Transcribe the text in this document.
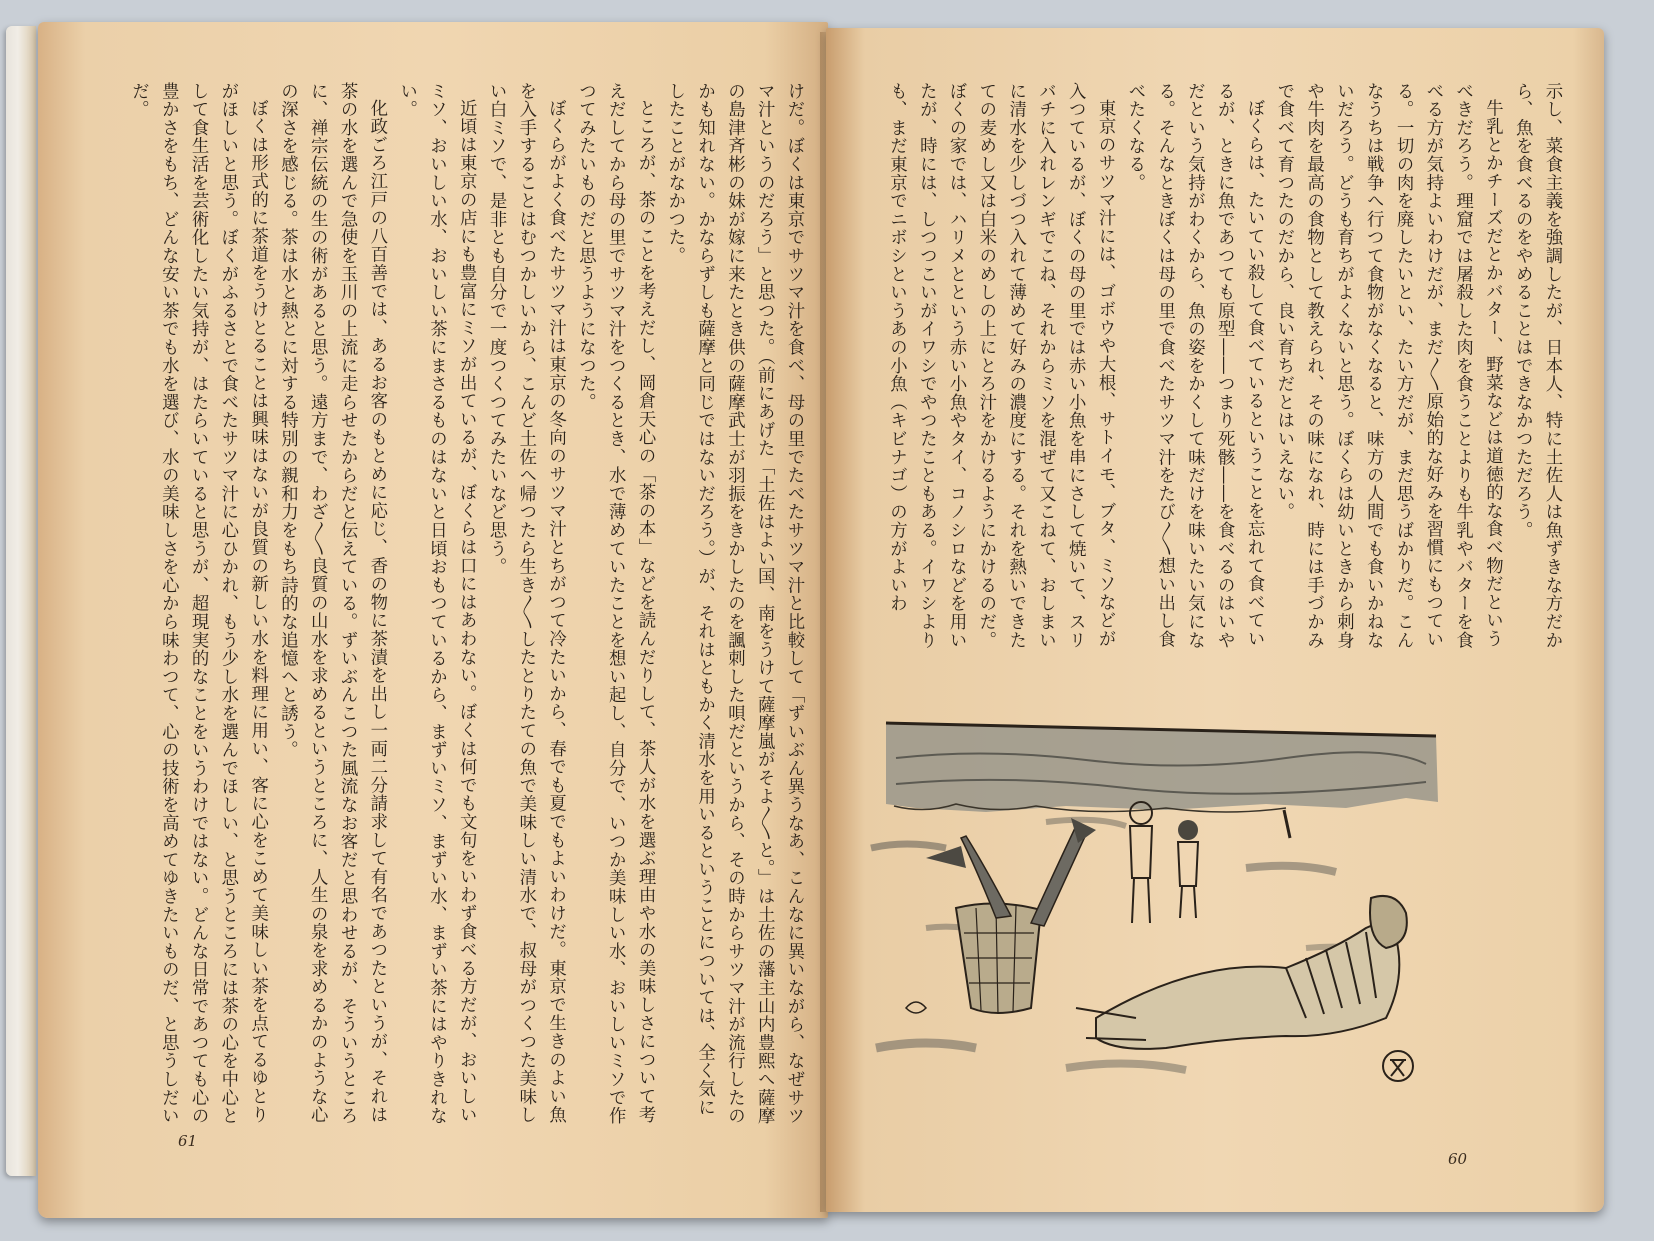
けだ。ぼくは東京でサツマ汁を食べ、母の里でたべたサツマ汁と比較して「ずいぶん異うなあ、こんなに異いながら、なぜサツマ汁というのだろう」と思つた。（前にあげた「土佐はよい国、南をうけて薩摩嵐がそよ〳〵と。」は土佐の藩主山内豊熙へ薩摩の島津斉彬の妹が嫁に来たとき供の薩摩武士が羽振をきかしたのを諷刺した唄だというから、その時からサツマ汁が流行したのかも知れない。かならずしも薩摩と同じではないだろう。）が、それはともかく清水を用いるということについては、全く気にしたことがなかつた。

ところが、茶のことを考えだし、岡倉天心の「茶の本」などを読んだりして、茶人が水を選ぶ理由や水の美味しさについて考えだしてから母の里でサツマ汁をつくるとき、水で薄めていたことを想い起し、自分で、いつか美味しい水、おいしいミソで作つてみたいものだと思うようになつた。

ぼくらがよく食べたサツマ汁は東京の冬向のサツマ汁とちがつて冷たいから、春でも夏でもよいわけだ。東京で生きのよい魚を入手することはむつかしいから、こんど土佐へ帰つたら生き〳〵したとりたての魚で美味しい清水で、叔母がつくつた美味しい白ミソで、是非とも自分で一度つくつてみたいなど思う。

近頃は東京の店にも豊富にミソが出ているが、ぼくらは口にはあわない。ぼくは何でも文句をいわず食べる方だが、おいしいミソ、おいしい水、おいしい茶にまさるものはないと日頃おもつているから、まずいミソ、まずい水、まずい茶にはやりきれない。

化政ごろ江戸の八百善では、あるお客のもとめに応じ、香の物に茶漬を出し一両二分請求して有名であつたというが、それは茶の水を選んで急使を玉川の上流に走らせたからだと伝えている。ずいぶんこつた風流なお客だと思わせるが、そういうところに、禅宗伝統の生の術があると思う。遠方まで、わざ〳〵良質の山水を求めるというところに、人生の泉を求めるかのような心の深さを感じる。茶は水と熱とに対する特別の親和力をもち詩的な追憶へと誘う。

ぼくは形式的に茶道をうけとることは興味はないが良質の新しい水を料理に用い、客に心をこめて美味しい茶を点てるゆとりがほしいと思う。ぼくがふるさとで食べたサツマ汁に心ひかれ、もう少し水を選んでほしい、と思うところには茶の心を中心として食生活を芸術化したい気持が、はたらいていると思うが、超現実的なことをいうわけではない。どんな日常であつても心の豊かさをもち、どんな安い茶でも水を選び、水の美味しさを心から味わつて、心の技術を高めてゆきたいものだ、と思うしだいだ。

61

示し、菜食主義を強調したが、日本人、特に土佐人は魚ずきな方だから、魚を食べるのをやめることはできなかつただろう。

牛乳とかチーズだとかバター、野菜などは道徳的な食べ物だというべきだろう。理窟では屠殺した肉を食うことよりも牛乳やバターを食べる方が気持よいわけだが、まだ〳〵原始的な好みを習慣にもつている。一切の肉を廃したいとい、たい方だが、まだ思うばかりだ。こんなうちは戦争へ行つて食物がなくなると、味方の人間でも食いかねないだろう。どうも育ちがよくないと思う。ぼくらは幼いときから刺身や牛肉を最高の食物として教えられ、その味になれ、時には手づかみで食べて育つたのだから、良い育ちだとはいえない。

ぼくらは、たいてい殺して食べているということを忘れて食べているが、ときに魚であつても原型――つまり死骸――を食べるのはいやだという気持がわくから、魚の姿をかくして味だけを味いたい気になる。そんなときぼくは母の里で食べたサツマ汁をたび〳〵想い出し食べたくなる。

東京のサツマ汁には、ゴボウや大根、サトイモ、ブタ、ミソなどが入つているが、ぼくの母の里では赤い小魚を串にさして焼いて、スリバチに入れレンギでこね、それからミソを混ぜて又こねて、おしまいに清水を少しづつ入れて薄めて好みの濃度にする。それを熱いできたての麦めし又は白米のめしの上にとろ汁をかけるようにかけるのだ。ぼくの家では、ハリメとという赤い小魚やタイ、コノシロなどを用いたが、時には、しつつこいがイワシでやつたこともある。イワシよりも、まだ東京でニボシというあの小魚（キビナゴ）の方がよいわ

60
